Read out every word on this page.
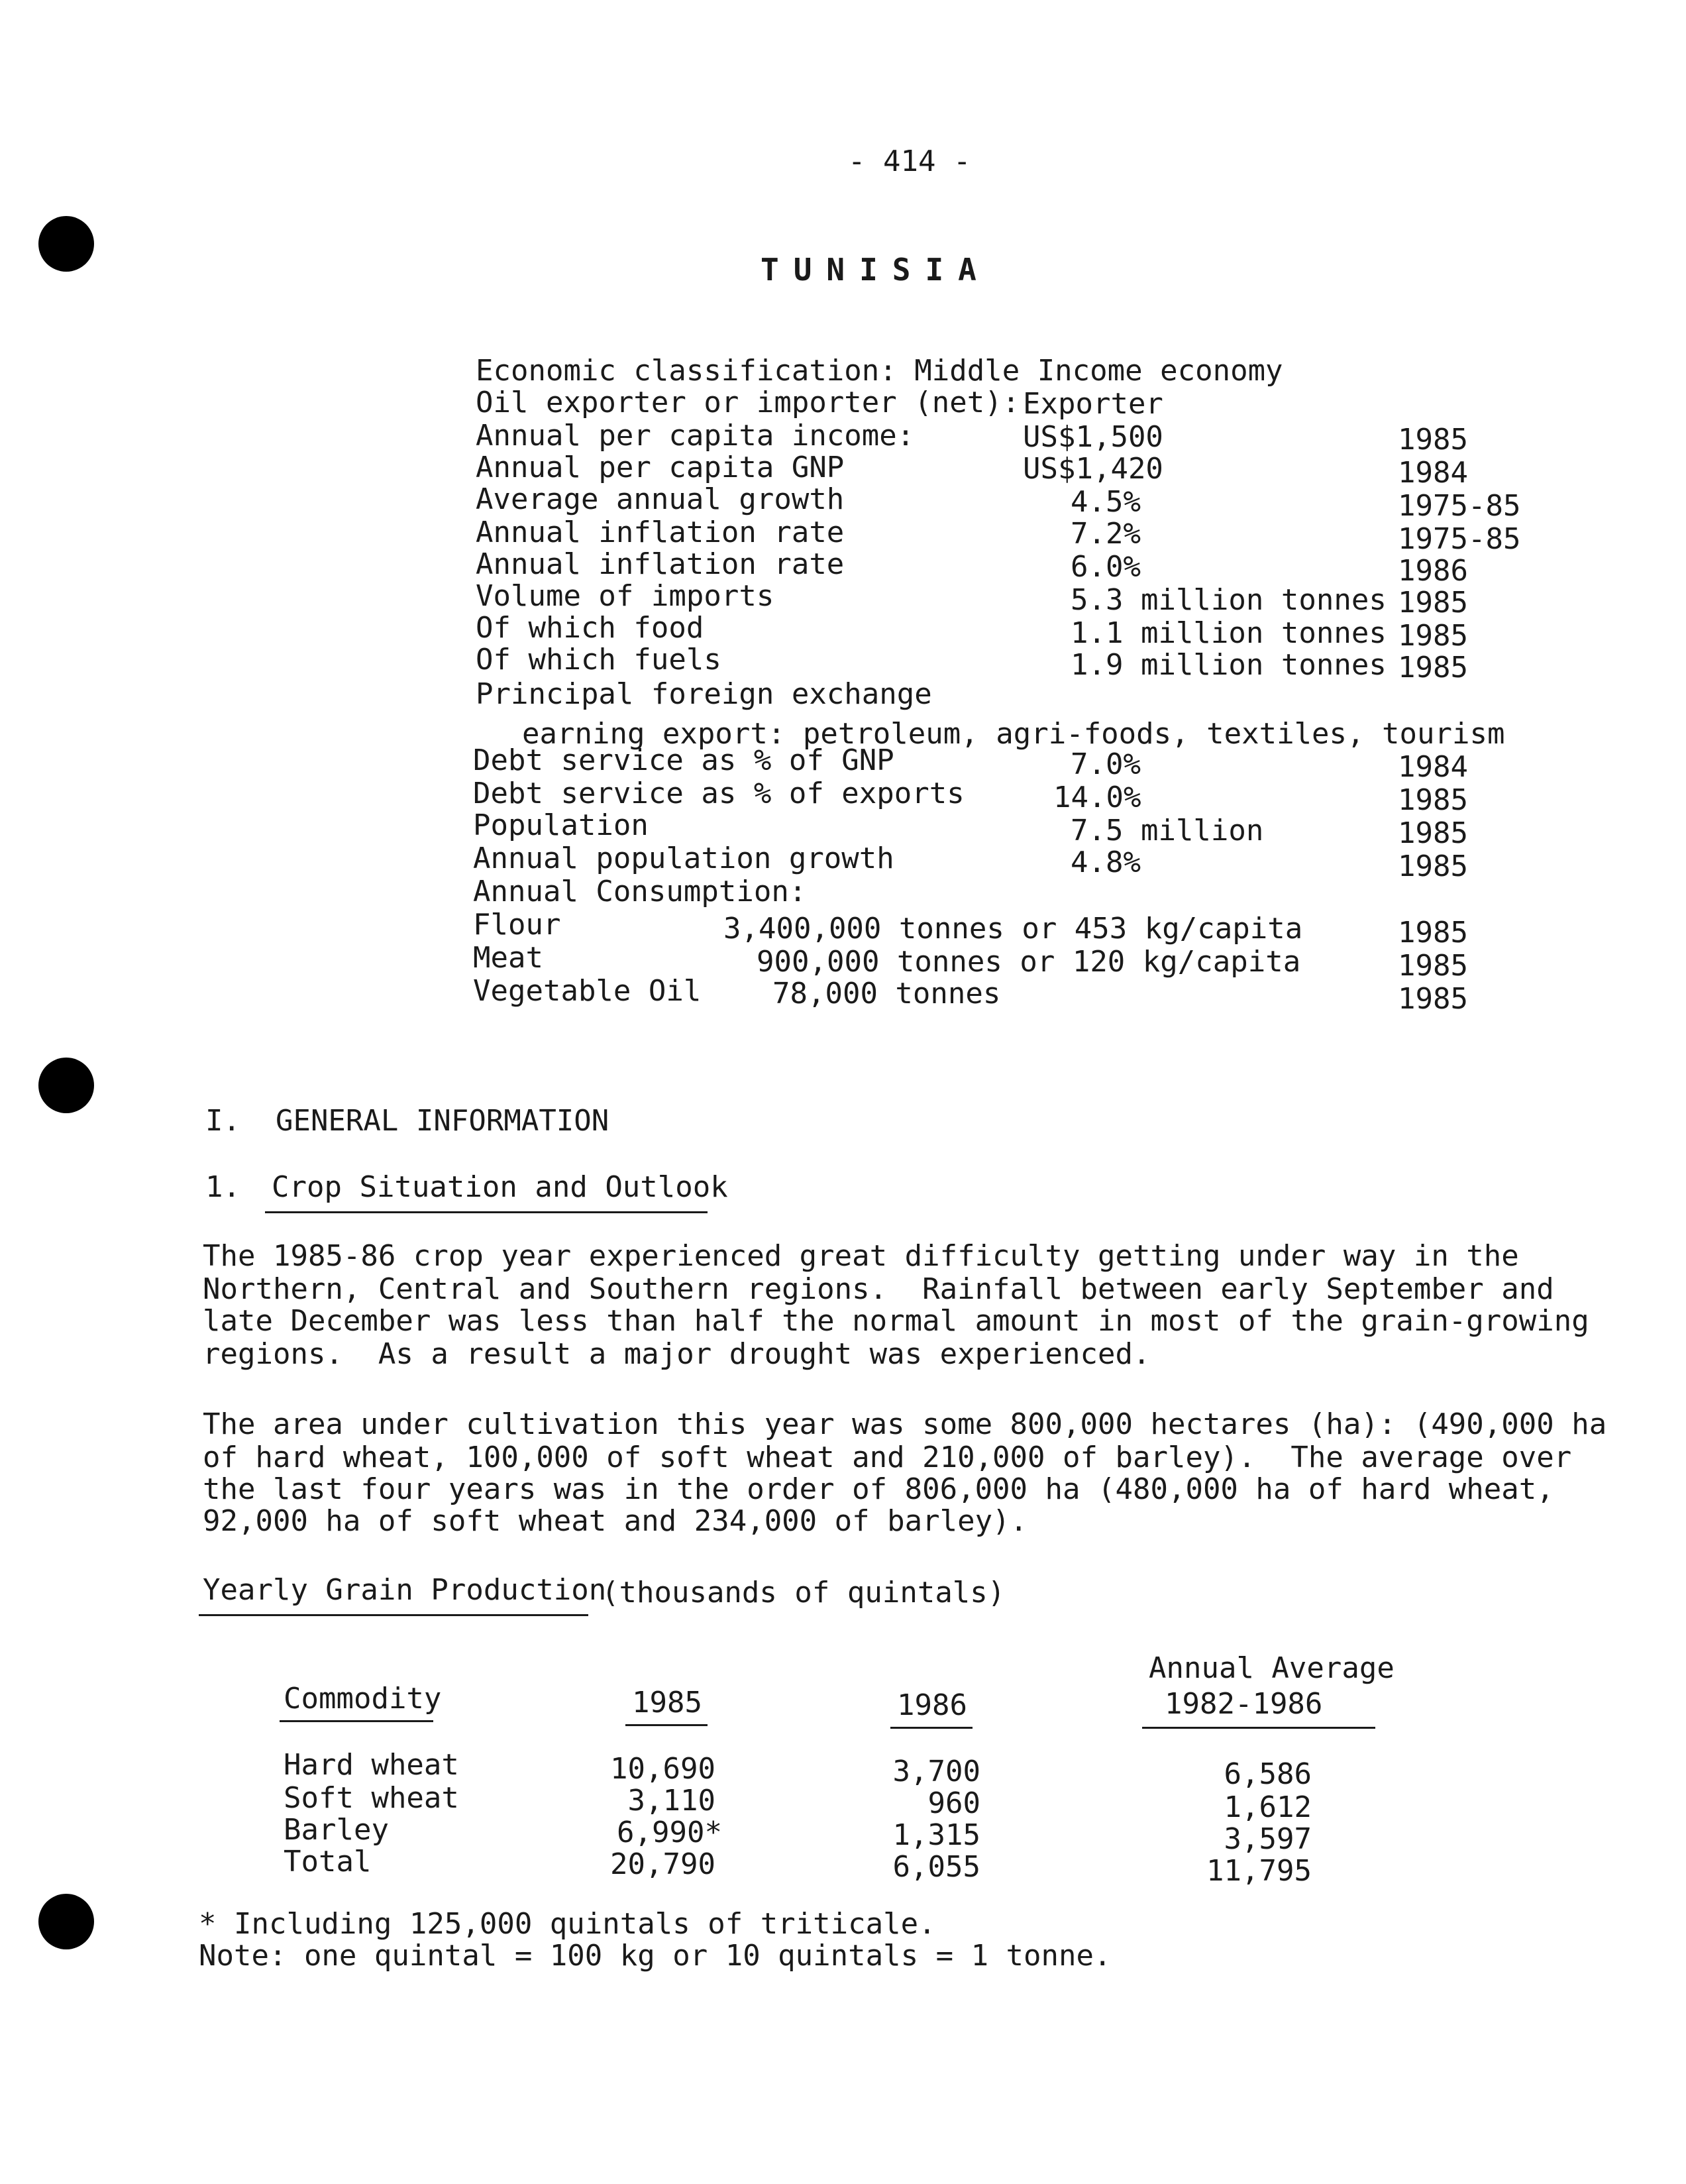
- 414 -
TUNISIA
Economic classification: Middle Income economy
Oil exporter or importer (net): Exporter
Annual per capita income:	US$1,500	1985
Annual per capita GNP	US$1,420	1984
Average annual growth	4.5%	1975-85
Annual inflation rate	7.2%	1975-85
Annual inflation rate	6.0%	1986
Volume of imports	5.3 million tonnes 1985
Of which food	1.1 million tonnes 1985
Of which fuels	1.9 million tonnes 1985
Principal foreign exchange
earning export: petroleum, agri-foods, textiles, tourism
Debt service as % of GNP	7.0%	1984
Debt service as % of exports	14.0%	1985
Population	7.5 million	1985
Annual population growth	4.8%	1985
Annual Consumption:
Flour	3,400,000 tonnes or 453 kg/capita	1985
Meat	900,000 tonnes or 120 kg/capita	1985
Vegetable Oil 78,000 tonnes	1985
I.  GENERAL INFORMATION
1. Crop Situation and Outlook
The 1985-86 crop year experienced great difficulty getting under way in the
Northern, Central and Southern regions.  Rainfall between early September and
late December was less than half the normal amount in most of the grain-growing
regions.  As a result a major drought was experienced.
The area under cultivation this year was some 800,000 hectares (ha): (490,000 ha
of hard wheat, 100,000 of soft wheat and 210,000 of barley).  The average over
the last four years was in the order of 806,000 ha (480,000 ha of hard wheat,
92,000 ha of soft wheat and 234,000 of barley).
Yearly Grain Production
(thousands of quintals)
Commodity	1985	1986
Annual Average
1982-1986
Hard wheat	10,690	3,700	6,586
Soft wheat	3,110	960	1,612
Barley	6,990*	1,315	3,597
Total	20,790	6,055	11,795
* Including 125,000 quintals of triticale.
Note: one quintal = 100 kg or 10 quintals = 1 tonne.
